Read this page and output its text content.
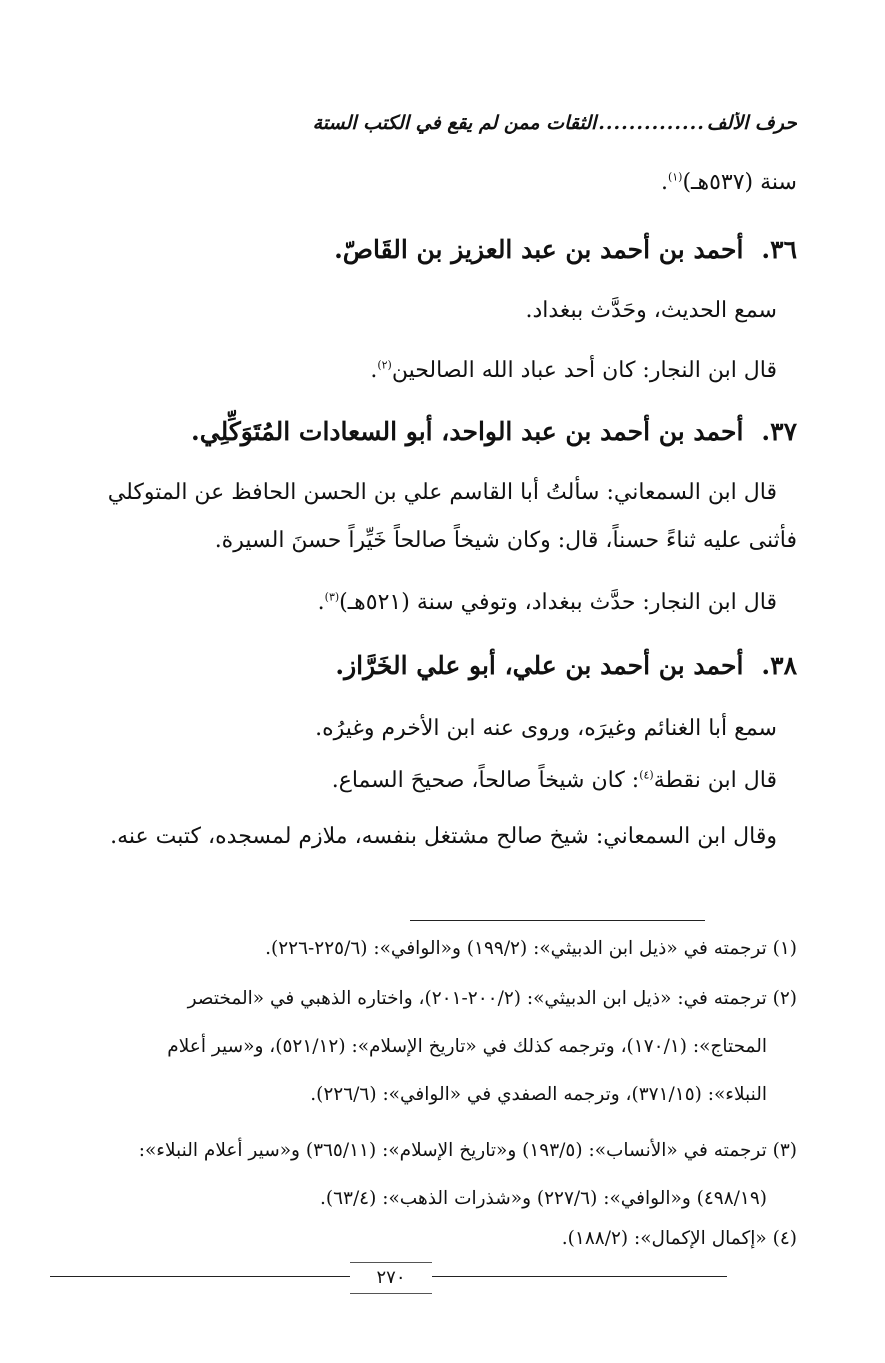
حرف الألف
..............
الثقات ممن لم يقع في الكتب الستة
سنة (٥٣٧هـ)$^{(١)}$.
٣٦.أحمد بن أحمد بن عبد العزيز بن القَاصّ.
سمع الحديث، وحَدَّث ببغداد.
قال ابن النجار: كان أحد عباد الله الصالحين$^{(٢)}$.
٣٧.أحمد بن أحمد بن عبد الواحد، أبو السعادات المُتَوَكِّلِي.
قال ابن السمعاني: سألتُ أبا القاسم علي بن الحسن الحافظ عن المتوكلي
فأثنى عليه ثناءً حسناً، قال: وكان شيخاً صالحاً خَيِّراً حسنَ السيرة.
قال ابن النجار: حدَّث ببغداد، وتوفي سنة (٥٢١هـ)$^{(٣)}$.
٣٨.أحمد بن أحمد بن علي، أبو علي الخَرَّاز.
سمع أبا الغنائم وغيرَه، وروى عنه ابن الأخرم وغيرُه.
قال ابن نقطة$^{(٤)}$: كان شيخاً صالحاً، صحيحَ السماع.
وقال ابن السمعاني: شيخ صالح مشتغل بنفسه، ملازم لمسجده، كتبت عنه.
(١) ترجمته في «ذيل ابن الدبيثي»: (١٩٩/٢) و«الوافي»: (٢٢٥/٦-٢٢٦).
(٢) ترجمته في: «ذيل ابن الدبيثي»: (٢٠٠/٢-٢٠١)، واختاره الذهبي في «المختصر
المحتاج»: (١٧٠/١)، وترجمه كذلك في «تاريخ الإسلام»: (٥٢١/١٢)، و«سير أعلام
النبلاء»: (٣٧١/١٥)، وترجمه الصفدي في «الوافي»: (٢٢٦/٦).
(٣) ترجمته في «الأنساب»: (١٩٣/٥) و«تاريخ الإسلام»: (٣٦٥/١١) و«سير أعلام النبلاء»:
(٤٩٨/١٩) و«الوافي»: (٢٢٧/٦) و«شذرات الذهب»: (٦٣/٤).
(٤) «إكمال الإكمال»: (١٨٨/٢).
٢٧٠
